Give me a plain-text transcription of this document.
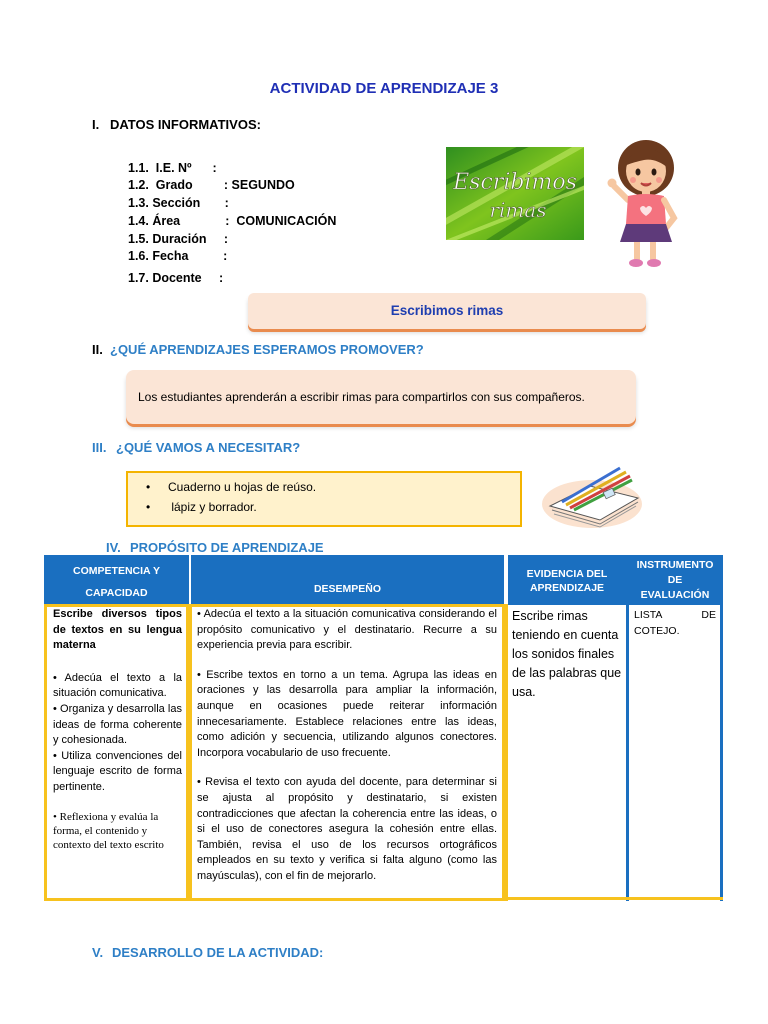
ACTIVIDAD DE APRENDIZAJE 3
I. DATOS INFORMATIVOS:
1.1.  I.E. Nº      :
1.2.  Grado         : SEGUNDO
1.3. Sección       :
1.4. Área             :  COMUNICACIÓN
1.5. Duración     :
1.6. Fecha          :
1.7. Docente     :
Escribimos
rimas
Escribimos rimas
II. ¿QUÉ APRENDIZAJES ESPERAMOS PROMOVER?
Los estudiantes aprenderán a escribir rimas para compartirlos con sus compañeros.
III. ¿QUÉ VAMOS A NECESITAR?
• Cuaderno u hojas de reúso.
• lápiz y borrador.
IV. PROPÓSITO DE APRENDIZAJE
COMPETENCIA Y
CAPACIDAD	DESEMPEÑO
EVIDENCIA DEL
APRENDIZAJE
INSTRUMENTO
DE
EVALUACIÓN
Escribe diversos tipos de textos en su lengua materna
• Adecúa el texto a la situación comunicativa.
• Organiza y desarrolla las ideas de forma coherente y cohesionada.
• Utiliza convenciones del lenguaje escrito de forma pertinente.
• Reflexiona y evalúa la forma, el contenido y contexto del texto escrito
• Adecúa el texto a la situación comunicativa considerando el propósito comunicativo y el destinatario. Recurre a su experiencia previa para escribir.
• Escribe textos en torno a un tema. Agrupa las ideas en oraciones y las desarrolla para ampliar la información, aunque en ocasiones puede reiterar información innecesariamente. Establece relaciones entre las ideas, como adición y secuencia, utilizando algunos conectores. Incorpora vocabulario de uso frecuente.
• Revisa el texto con ayuda del docente, para determinar si se ajusta al propósito y destinatario, si existen contradicciones que afectan la coherencia entre las ideas, o si el uso de conectores asegura la cohesión entre ellas. También, revisa el uso de los recursos ortográficos empleados en su texto y verifica si falta alguno (como las mayúsculas), con el fin de mejorarlo.
Escribe rimas teniendo en cuenta los sonidos finales de las palabras que usa.
LISTA DE COTEJO.
V. DESARROLLO DE LA ACTIVIDAD:
